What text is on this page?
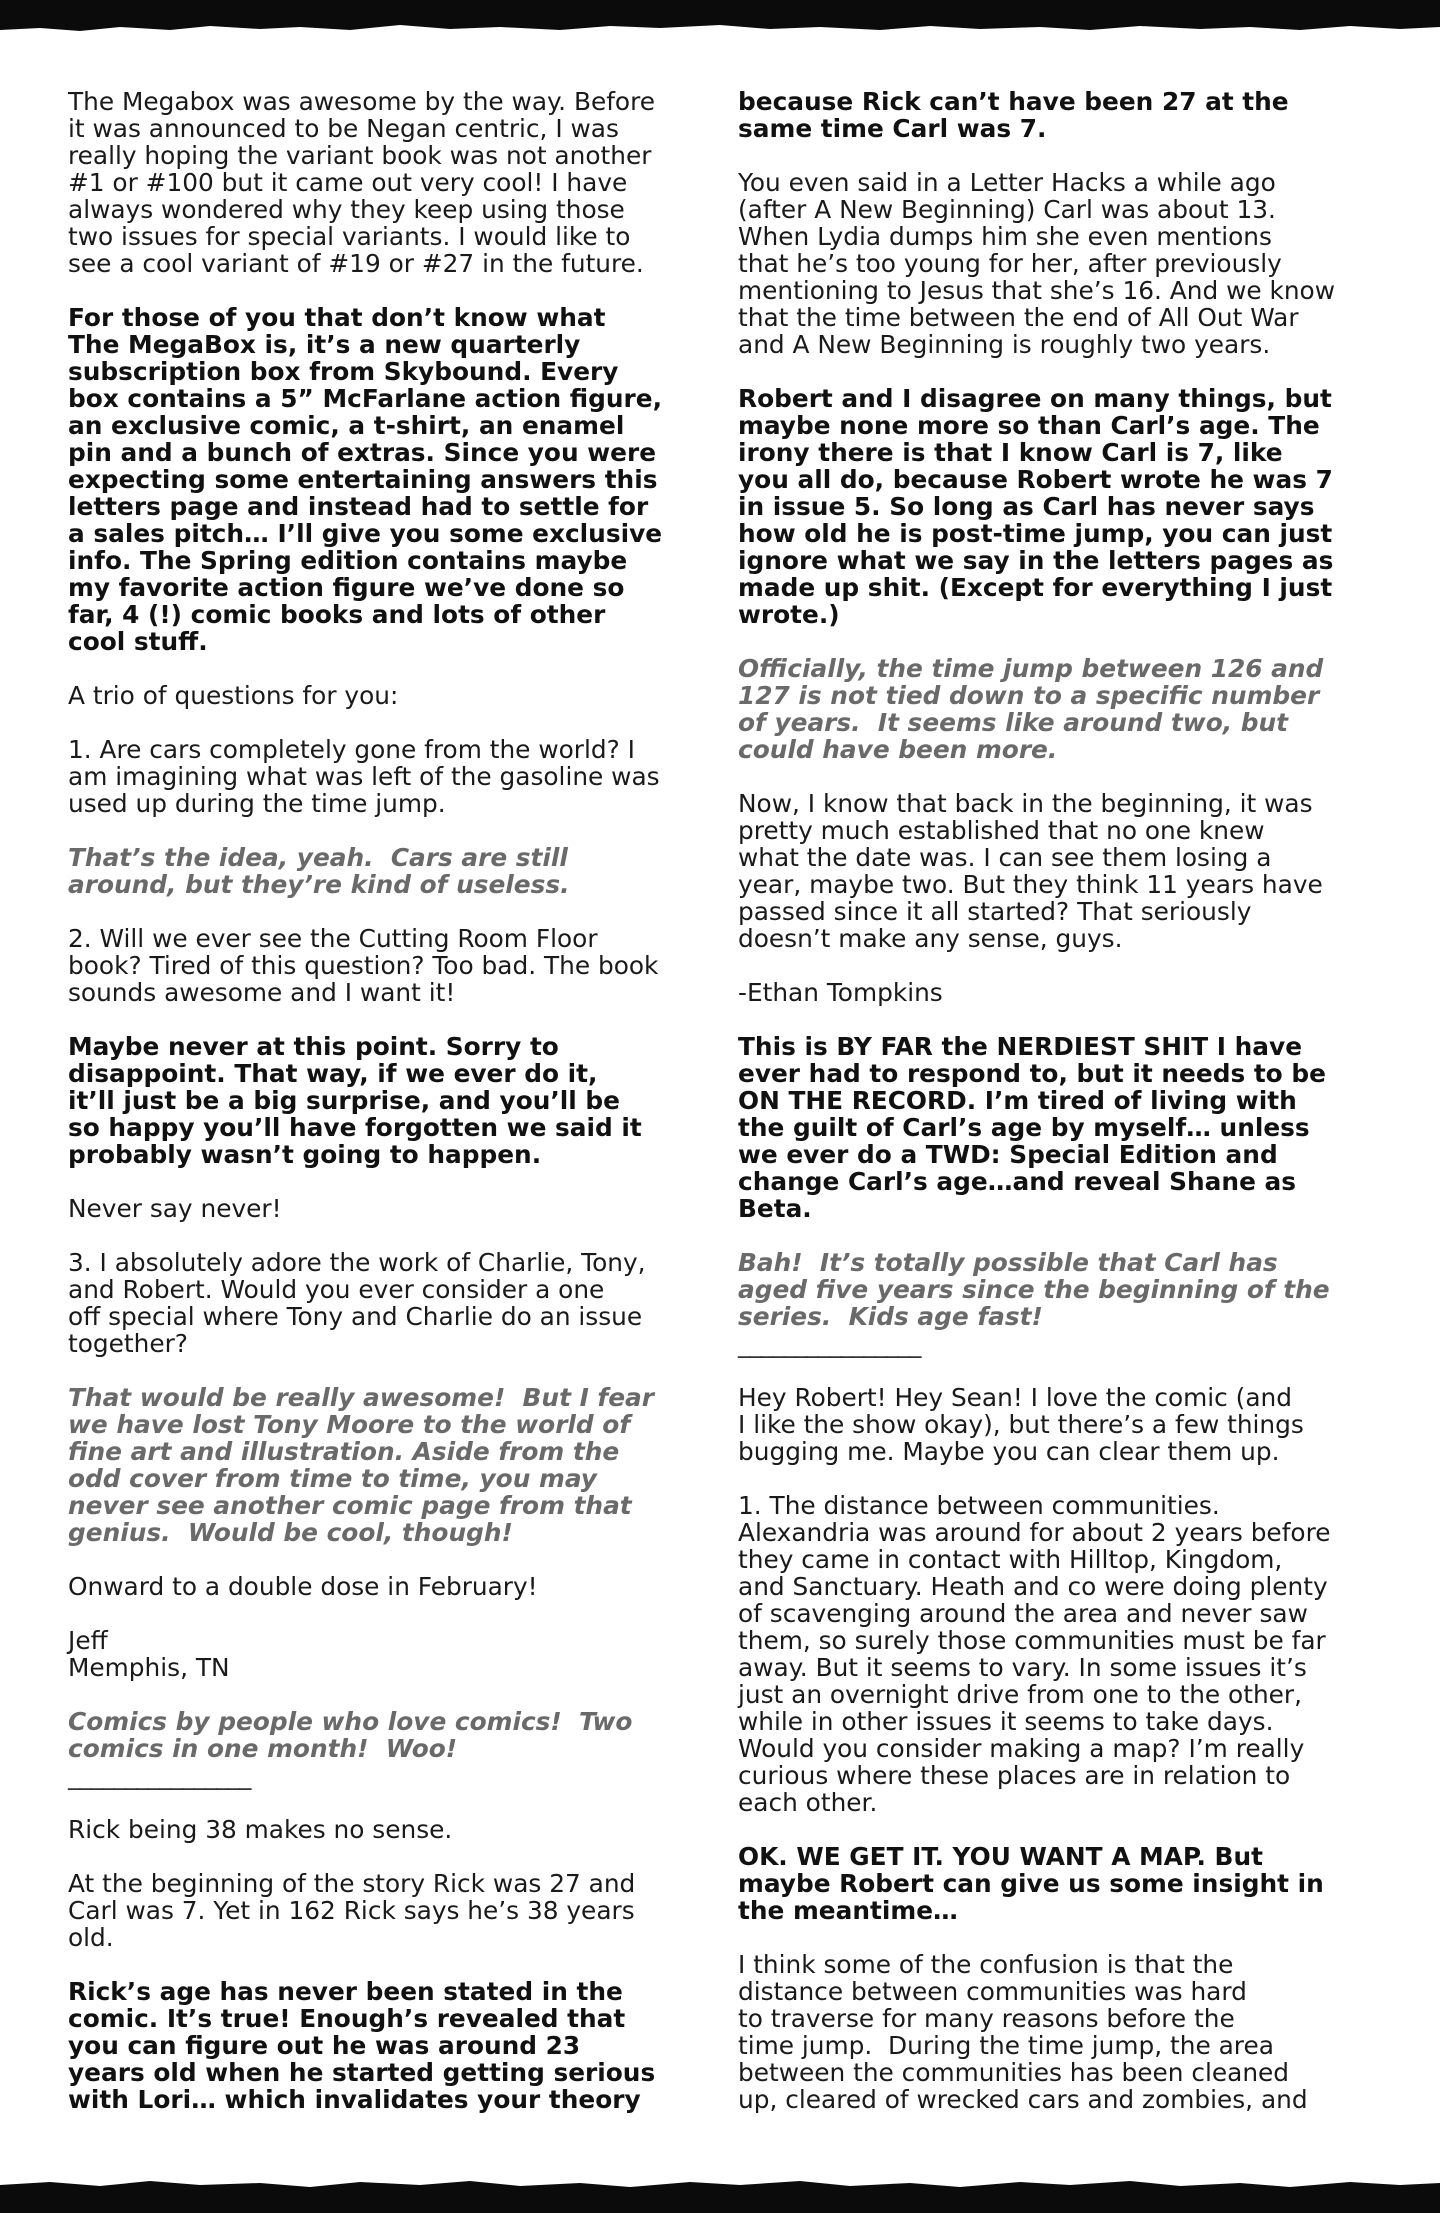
The Megabox was awesome by the way. Before
it was announced to be Negan centric, I was
really hoping the variant book was not another
#1 or #100 but it came out very cool! I have
always wondered why they keep using those
two issues for special variants. I would like to
see a cool variant of #19 or #27 in the future.

For those of you that don’t know what
The MegaBox is, it’s a new quarterly
subscription box from Skybound. Every
box contains a 5” McFarlane action figure,
an exclusive comic, a t-shirt, an enamel
pin and a bunch of extras. Since you were
expecting some entertaining answers this
letters page and instead had to settle for
a sales pitch… I’ll give you some exclusive
info. The Spring edition contains maybe
my favorite action figure we’ve done so
far, 4 (!) comic books and lots of other
cool stuff.

A trio of questions for you:

1. Are cars completely gone from the world? I
am imagining what was left of the gasoline was
used up during the time jump.

That’s the idea, yeah.  Cars are still
around, but they’re kind of useless.

2. Will we ever see the Cutting Room Floor
book? Tired of this question? Too bad. The book
sounds awesome and I want it!

Maybe never at this point. Sorry to
disappoint. That way, if we ever do it,
it’ll just be a big surprise, and you’ll be
so happy you’ll have forgotten we said it
probably wasn’t going to happen.

Never say never!

3. I absolutely adore the work of Charlie, Tony,
and Robert. Would you ever consider a one
off special where Tony and Charlie do an issue
together?

That would be really awesome!  But I fear
we have lost Tony Moore to the world of
fine art and illustration. Aside from the
odd cover from time to time, you may
never see another comic page from that
genius.  Would be cool, though!

Onward to a double dose in February!

Jeff
Memphis, TN

Comics by people who love comics!  Two
comics in one month!  Woo!

________________

Rick being 38 makes no sense.

At the beginning of the story Rick was 27 and
Carl was 7. Yet in 162 Rick says he’s 38 years
old.

Rick’s age has never been stated in the
comic. It’s true! Enough’s revealed that
you can figure out he was around 23
years old when he started getting serious
with Lori… which invalidates your theory

because Rick can’t have been 27 at the
same time Carl was 7.

You even said in a Letter Hacks a while ago
(after A New Beginning) Carl was about 13.
When Lydia dumps him she even mentions
that he’s too young for her, after previously
mentioning to Jesus that she’s 16. And we know
that the time between the end of All Out War
and A New Beginning is roughly two years.

Robert and I disagree on many things, but
maybe none more so than Carl’s age. The
irony there is that I know Carl is 7, like
you all do, because Robert wrote he was 7
in issue 5. So long as Carl has never says
how old he is post-time jump, you can just
ignore what we say in the letters pages as
made up shit. (Except for everything I just
wrote.)

Officially, the time jump between 126 and
127 is not tied down to a specific number
of years.  It seems like around two, but
could have been more.

Now, I know that back in the beginning, it was
pretty much established that no one knew
what the date was. I can see them losing a
year, maybe two. But they think 11 years have
passed since it all started? That seriously
doesn’t make any sense, guys.

-Ethan Tompkins

This is BY FAR the NERDIEST SHIT I have
ever had to respond to, but it needs to be
ON THE RECORD. I’m tired of living with
the guilt of Carl’s age by myself… unless
we ever do a TWD: Special Edition and
change Carl’s age…and reveal Shane as
Beta.

Bah!  It’s totally possible that Carl has
aged five years since the beginning of the
series.  Kids age fast!

________________

Hey Robert! Hey Sean! I love the comic (and
I like the show okay), but there’s a few things
bugging me. Maybe you can clear them up.

1. The distance between communities.
Alexandria was around for about 2 years before
they came in contact with Hilltop, Kingdom,
and Sanctuary. Heath and co were doing plenty
of scavenging around the area and never saw
them, so surely those communities must be far
away. But it seems to vary. In some issues it’s
just an overnight drive from one to the other,
while in other issues it seems to take days.
Would you consider making a map? I’m really
curious where these places are in relation to
each other.

OK. WE GET IT. YOU WANT A MAP. But
maybe Robert can give us some insight in
the meantime…

I think some of the confusion is that the
distance between communities was hard
to traverse for many reasons before the
time jump.  During the time jump, the area
between the communities has been cleaned
up, cleared of wrecked cars and zombies, and
